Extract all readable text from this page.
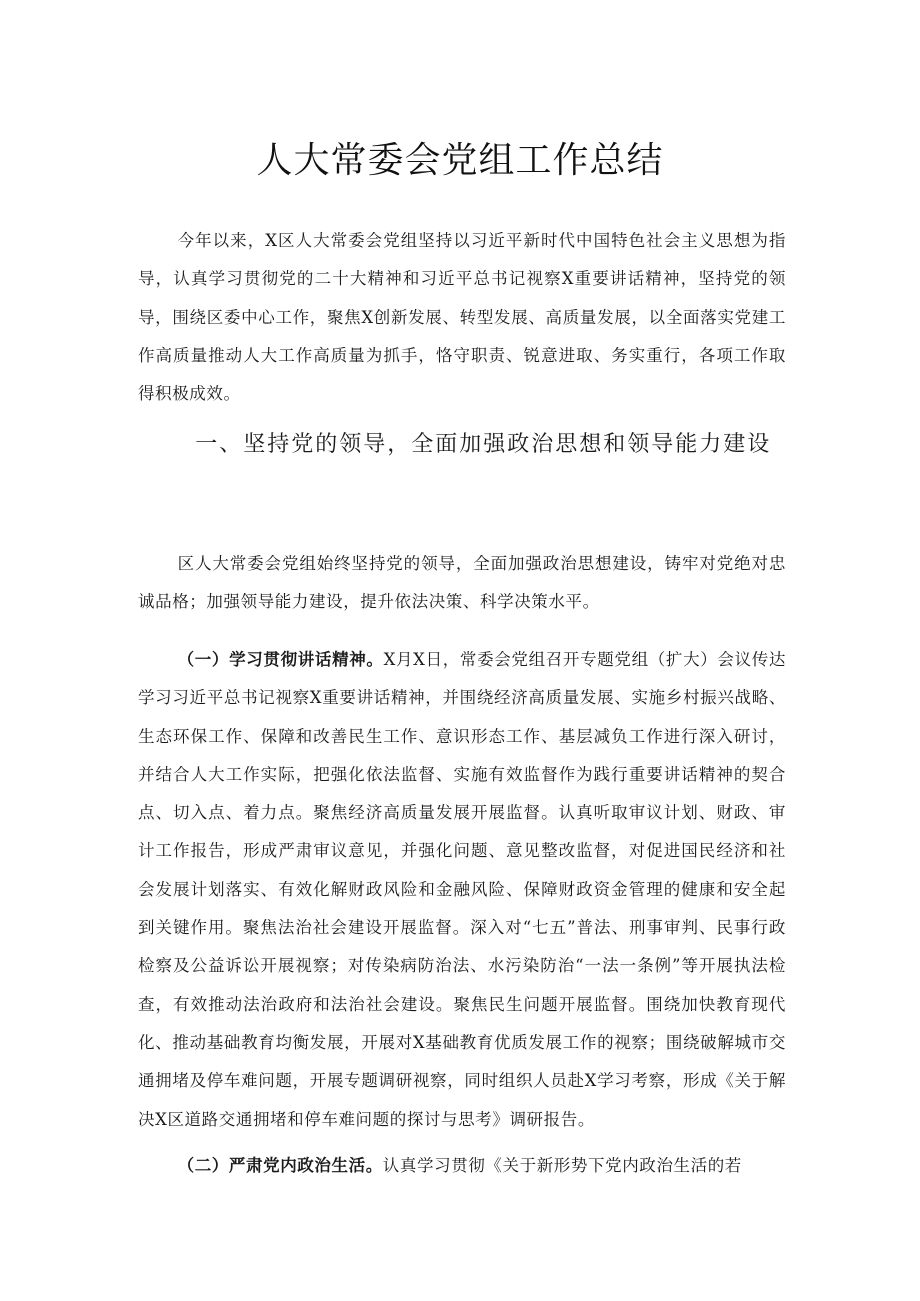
人大常委会党组工作总结

今年以来，X区人大常委会党组坚持以习近平新时代中国特色社会主义思想为指导，认真学习贯彻党的二十大精神和习近平总书记视察X重要讲话精神，坚持党的领导，围绕区委中心工作，聚焦X创新发展、转型发展、高质量发展，以全面落实党建工作高质量推动人大工作高质量为抓手，恪守职责、锐意进取、务实重行，各项工作取得积极成效。

一、坚持党的领导，全面加强政治思想和领导能力建设

区人大常委会党组始终坚持党的领导，全面加强政治思想建设，铸牢对党绝对忠诚品格；加强领导能力建设，提升依法决策、科学决策水平。

（一）学习贯彻讲话精神。X月X日，常委会党组召开专题党组（扩大）会议传达学习习近平总书记视察X重要讲话精神，并围绕经济高质量发展、实施乡村振兴战略、生态环保工作、保障和改善民生工作、意识形态工作、基层减负工作进行深入研讨，并结合人大工作实际，把强化依法监督、实施有效监督作为践行重要讲话精神的契合点、切入点、着力点。聚焦经济高质量发展开展监督。认真听取审议计划、财政、审计工作报告，形成严肃审议意见，并强化问题、意见整改监督，对促进国民经济和社会发展计划落实、有效化解财政风险和金融风险、保障财政资金管理的健康和安全起到关键作用。聚焦法治社会建设开展监督。深入对“七五”普法、刑事审判、民事行政检察及公益诉讼开展视察；对传染病防治法、水污染防治“一法一条例”等开展执法检查，有效推动法治政府和法治社会建设。聚焦民生问题开展监督。围绕加快教育现代化、推动基础教育均衡发展，开展对X基础教育优质发展工作的视察；围绕破解城市交通拥堵及停车难问题，开展专题调研视察，同时组织人员赴X学习考察，形成《关于解决X区道路交通拥堵和停车难问题的探讨与思考》调研报告。

（二）严肃党内政治生活。认真学习贯彻《关于新形势下党内政治生活的若
